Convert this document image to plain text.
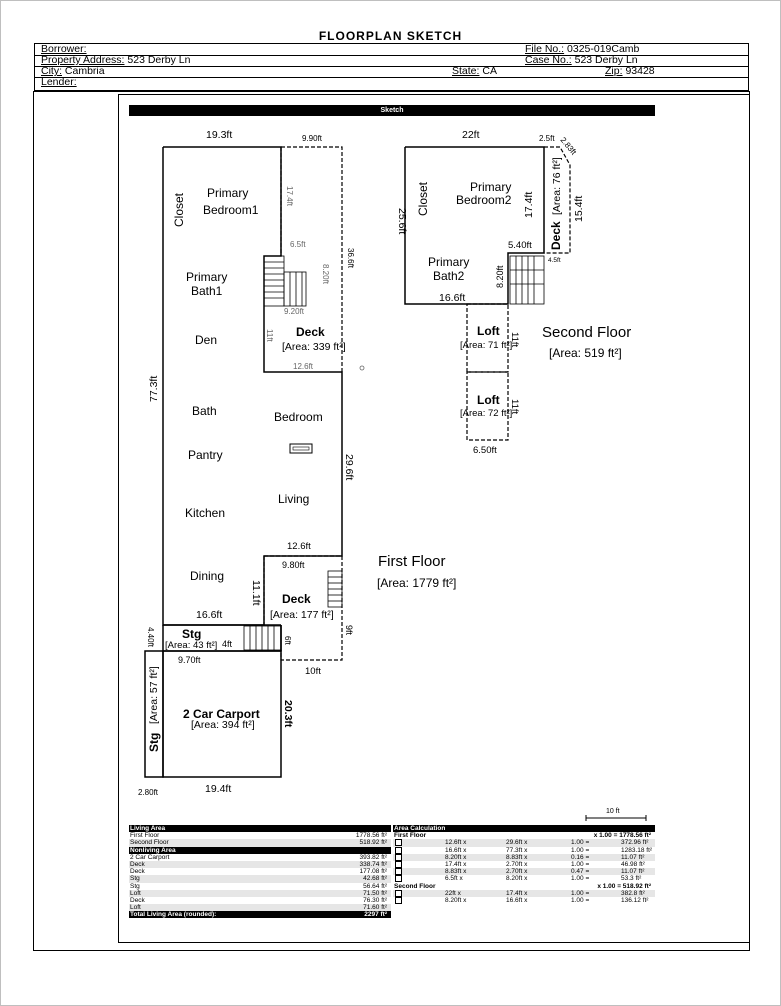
FLOORPLAN SKETCH
Borrower:	File No.: 0325-019Camb
Property Address: 523 Derby Ln	Case No.: 523 Derby Ln
City: Cambria	State: CA	Zip: 93428
Lender:
Sketch
10 ft
19.3ft	9.90ft
Closet Primary
Bedroom1
17.4ft
6.5ft
36.6ft
8.20ft
9.20ft
11ft
Primary
Bath1
Deck
[Area: 339 ft²]
12.6ft
Den
77.3ft
Bath	Bedroom
29.6ft
Pantry
Living
Kitchen
12.6ft
9.80ft
Dining
11.1ft Deck
[Area: 177 ft²]
16.6ft
4.40ft Stg
[Area: 43 ft²] 4ft	6ft
9ft
10ft
9.70ft
First Floor
[Area: 1779 ft²]
Stg
[Area: 57 ft²] 2 Car Carport
[Area: 394 ft²]	20.3ft
2.80ft	19.4ft
22ft	2.5ft 2.83ft
Closet	Primary
Bedroom2 17.4ft
Deck
[Area: 76 ft²] 15.4ft
25.6ft
5.40ft
4.5ft
Primary
Bath2	8.20ft
16.6ft
Loft
[Area: 71 ft²]
11ft
Loft
[Area: 72 ft²]
11ft
6.50ft
Second Floor
[Area: 519 ft²]
Living Area
First Floor	1778.56 ft²
Second Floor	518.92 ft²
Nonliving Area
2 Car Carport	393.82 ft²
Deck	338.74 ft²
Deck	177.08 ft²
Stg	42.68 ft²
Stg	56.64 ft²
Loft	71.50 ft²
Deck	76.30 ft²
Loft	71.60 ft²
Total Living Area (rounded):	2297 ft²
Area Calculation
First Floor	x 1.00 = 1778.56 ft²
12.6ft x	29.6ft x	1.00 =	372.96 ft²
16.6ft x	77.3ft x	1.00 =	1283.18 ft²
8.20ft x	8.83ft x	0.16 =	11.07 ft²
17.4ft x	2.70ft x	1.00 =	46.98 ft²
8.83ft x	2.70ft x	0.47 =	11.07 ft²
6.5ft x	8.20ft x	1.00 =	53.3 ft²
Second Floor	x 1.00 = 518.92 ft²
22ft x	17.4ft x	1.00 =	382.8 ft²
8.20ft x	16.6ft x	1.00 =	136.12 ft²
